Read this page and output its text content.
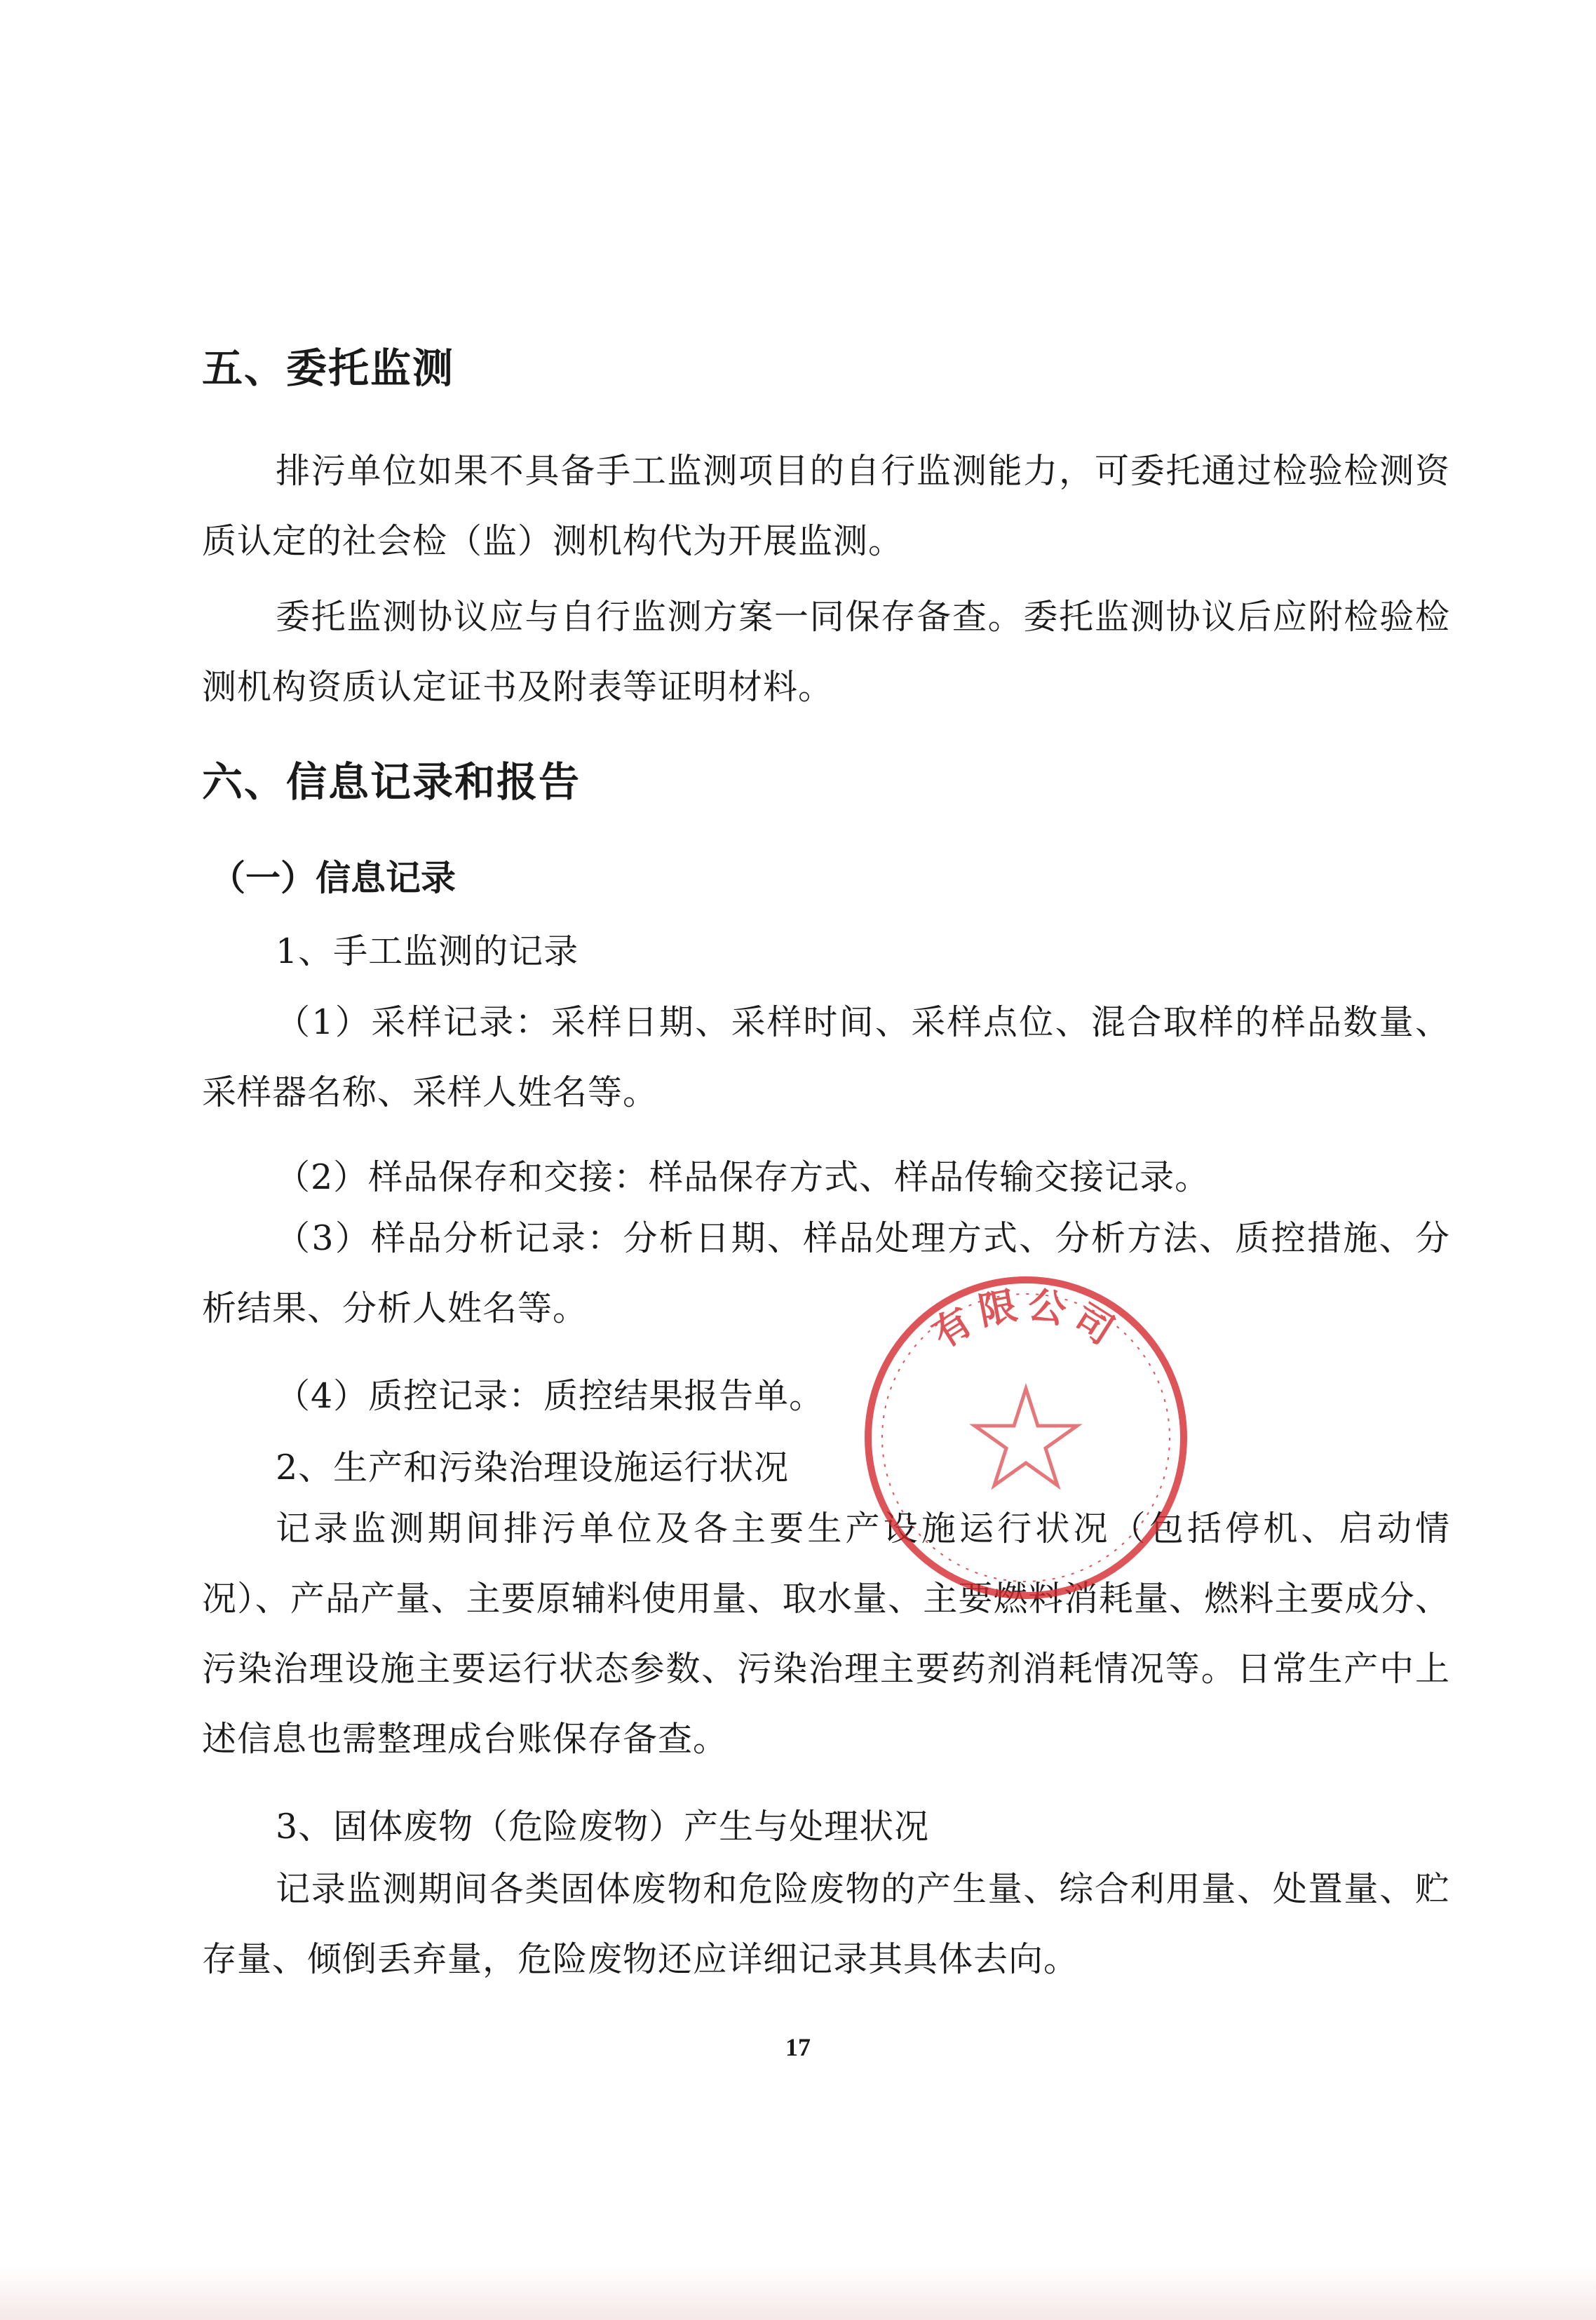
五、委托监测

排污单位如果不具备手工监测项目的自行监测能力，可委托通过检验检测资质认定的社会检（监）测机构代为开展监测。

委托监测协议应与自行监测方案一同保存备查。委托监测协议后应附检验检测机构资质认定证书及附表等证明材料。

六、信息记录和报告
（一）信息记录
1、手工监测的记录

（1）采样记录：采样日期、采样时间、采样点位、混合取样的样品数量、采样器名称、采样人姓名等。

（2）样品保存和交接：样品保存方式、样品传输交接记录。

（3）样品分析记录：分析日期、样品处理方式、分析方法、质控措施、分析结果、分析人姓名等。

（4）质控记录：质控结果报告单。
2、生产和污染治理设施运行状况

记录监测期间排污单位及各主要生产设施运行状况（包括停机、启动情况）、产品产量、主要原辅料使用量、取水量、主要燃料消耗量、燃料主要成分、污染治理设施主要运行状态参数、污染治理主要药剂消耗情况等。日常生产中上述信息也需整理成台账保存备查。

3、固体废物（危险废物）产生与处理状况

记录监测期间各类固体废物和危险废物的产生量、综合利用量、处置量、贮存量、倾倒丢弃量，危险废物还应详细记录其具体去向。

17
有限公司
